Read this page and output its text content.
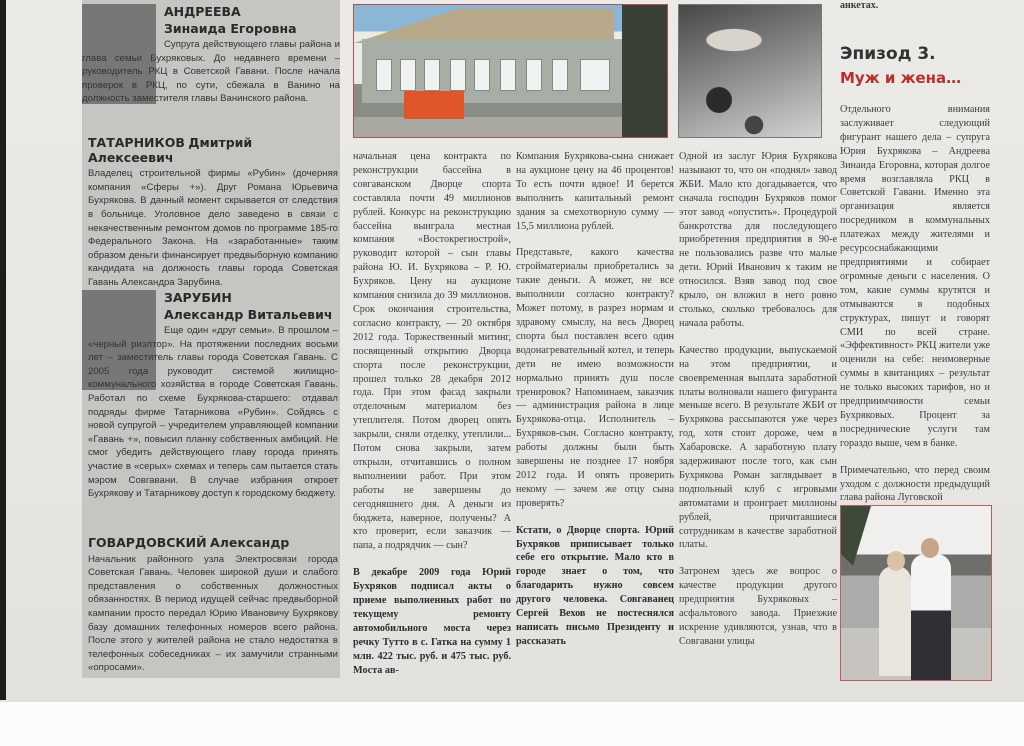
АНДРЕЕВА
Зинаида Егоровна

Супруга действующего главы района и глава семьи Бухряковых. До недавнего времени – руководитель РКЦ в Советской Гавани. После начала проверок в РКЦ, по сути, сбежала в Ванино на должность заместителя главы Ванинского района.

ТАТАРНИКОВ Дмитрий Алексеевич

Владелец строительной фирмы «Рубин» (дочерняя компания «Сферы +»). Друг Романа Юрьевича Бухрякова. В данный момент скрывается от следствия в больнице. Уголовное дело заведено в связи с некачественным ремонтом домов по программе 185-го Федерального Закона. На «заработанные» таким образом деньги финансирует предвыборную компанию кандидата на должность главы города Советская Гавань Александра Зарубина.

ЗАРУБИН
Александр Витальевич

Еще один «друг семьи». В прошлом – «черный риэлтор». На протяжении последних восьми лет – заместитель главы города Советская Гавань. С 2005 года руководит системой жилищно-коммунального хозяйства в городе Советская Гавань. Работал по схеме Бухрякова-старшего: отдавал подряды фирме Татарникова «Рубин». Сойдясь с новой супругой – учредителем управляющей компании «Гавань +», повысил планку собственных амбиций. Не смог убедить действующего главу города принять участие в «серых» схемах и теперь сам пытается стать мэром Совгавани. В случае избрания откроет Бухрякову и Татарникову доступ к городскому бюджету.

ГОВАРДОВСКИЙ Александр

Начальник районного узла Электросвязи города Советская Гавань. Человек широкой души и слабого представления о собственных должностных обязанностях. В период идущей сейчас предвыборной кампании просто передал Юрию Ивановичу Бухрякову базу домашних телефонных номеров всего района. После этого у жителей района не стало недостатка в телефонных собеседниках – их замучили странными «опросами».

начальная цена контракта по реконструкции бассейна в совгаванском Дворце спорта составляла почти 49 миллионов рублей. Конкурс на реконструкцию бассейна выиграла местная компания «Востокрегиострой», руководит которой – сын главы района Ю. И. Бухрякова – Р. Ю. Бухряков. Цену на аукционе компания снизила до 39 миллионов. Срок окончания строительства, согласно контракту, — 20 октября 2012 года. Торжественный митинг, посвященный открытию Дворца спорта после реконструкции, прошел только 28 декабря 2012 года. При этом фасад закрыли отделочным материалом без утеплителя. Потом дворец опять закрыли, сняли отделку, утеплили... Потом снова закрыли, затем открыли, отчитавшись о полном выполнении работ. При этом работы не завершены до сегодняшнего дня. А деньги из бюджета, наверное, получены? А кто проверит, если заказчик — папа, а подрядчик — сын?

В декабре 2009 года Юрий Бухряков подписал акты о приеме выполненных работ по текущему ремонту автомобильного моста через речку Тутто в с. Гатка на сумму 1 млн. 422 тыс. руб. и 475 тыс. руб. Моста ав-

Компания Бухрякова-сына снижает на аукционе цену на 46 процентов! То есть почти вдвое! И берется выполнить капитальный ремонт здания за смехотворную сумму — 15,5 миллиона рублей.

Представьте, какого качества стройматериалы приобретались за такие деньги. А может, не все выполнили согласно контракту? Может потому, в разрез нормам и здравому смыслу, на весь Дворец спорта был поставлен всего один водонагревательный котел, и теперь дети не имею возможности нормально принять душ после тренировок? Напоминаем, заказчик — администрация района в лице Бухрякова-отца. Исполнитель – Бухряков-сын. Согласно контракту, работы должны были быть завершены не позднее 17 ноября 2012 года. И опять проверить некому — зачем же отцу сына проверять?

Кстати, о Дворце спорта. Юрий Бухряков приписывает только себе его открытие. Мало кто в городе знает о том, что благодарить нужно совсем другого человека. Совгаванец Сергей Вехов не постеснялся написать письмо Президенту и рассказать

Одной из заслуг Юрия Бухрякова называют то, что он «поднял» завод ЖБИ. Мало кто догадывается, что сначала господин Бухряков помог этот завод «опустить». Процедурой банкротства для последующего приобретения предприятия в 90-е не пользовались разве что малые дети. Юрий Иванович к таким не относился. Взяв завод под свое крыло, он вложил в него ровно столько, сколько требовалось для начала работы.

Качество продукции, выпускаемой на этом предприятии, и своевременная выплата заработной платы волновали нашего фигуранта меньше всего. В результате ЖБИ от Бухрякова рассыпаются уже через год, хотя стоит дороже, чем в Хабаровске. А заработную плату задерживают после того, как сын Бухрякова Роман заглядывает в подпольный клуб с игровыми автоматами и проиграет миллионы рублей, причитавшиеся сотрудникам в качестве заработной платы.

Затронем здесь же вопрос о качестве продукции другого предприятия Бухряковых – асфальтового завода. Приезжие искренне удивляются, узнав, что в Совгавани улицы

анкетах.
Эпизод 3.
Муж и жена…

Отдельного внимания заслуживает следующий фигурант нашего дела – супруга Юрия Бухрякова – Андреева Зинаида Егоровна, которая долгое время возглавляла РКЦ в Советской Гавани. Именно эта организация является посредником в коммунальных платежах между жителями и ресурсоснабжающими предприятиями и собирает огромные деньги с населения. О том, какие суммы крутятся и отмываются в подобных структурах, пишут и говорят СМИ по всей стране. «Эффективност» РКЦ жители уже оценили на себе: неимоверные суммы в квитанциях – результат не только высоких тарифов, но и предприимчивости семьи Бухряковых. Процент за посреднические услуги там гораздо выше, чем в банке.

Примечательно, что перед своим уходом с должности предыдущий глава района Луговской
